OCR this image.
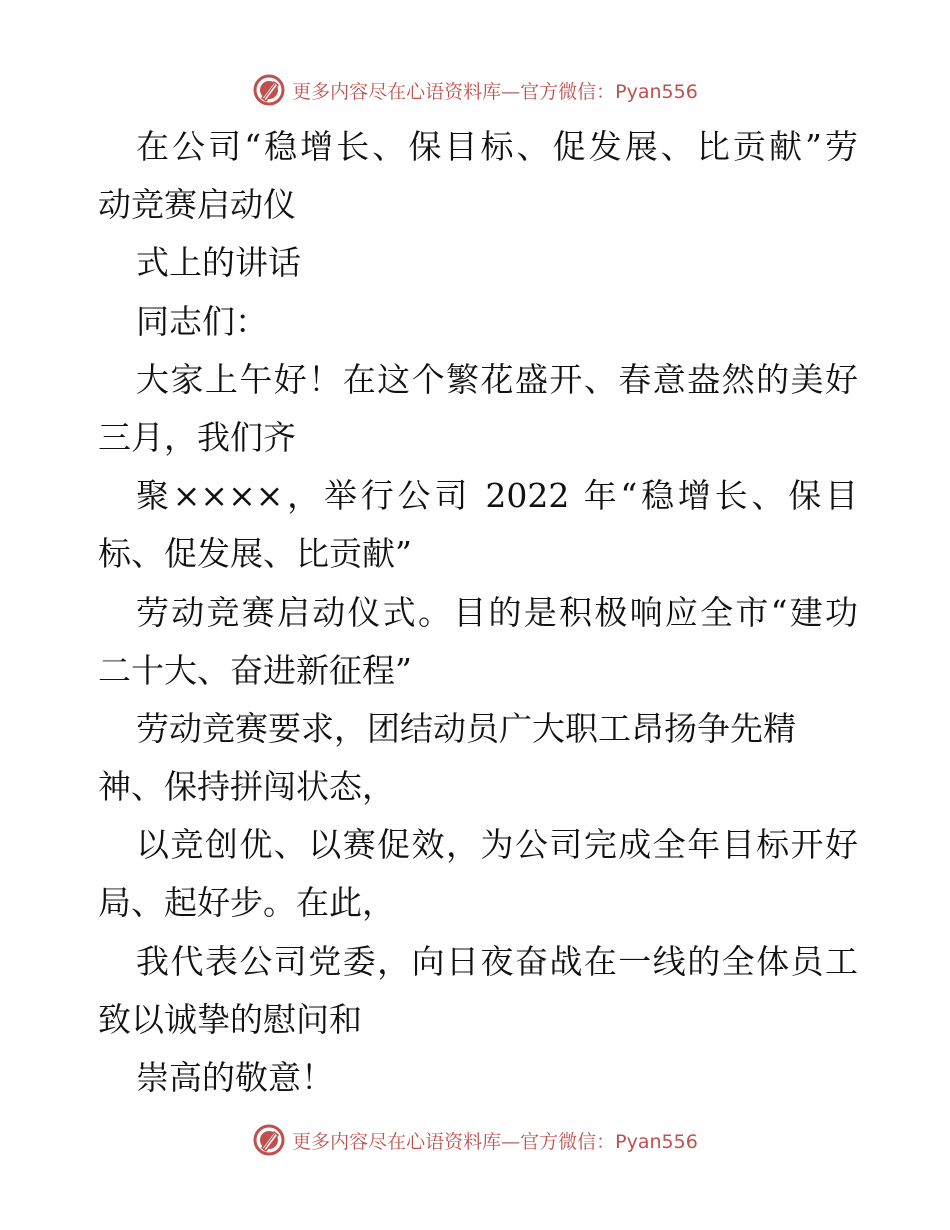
更多内容尽在心语资料库—官方微信：Pyan556
在公司“稳增长、保目标、促发展、比贡献”劳
动竞赛启动仪
式上的讲话
同志们：
大家上午好！在这个繁花盛开、春意盎然的美好
三月，我们齐
聚××××，举行公司 2022 年“稳增长、保目
标、促发展、比贡献”
劳动竞赛启动仪式。目的是积极响应全市“建功
二十大、奋进新征程”
劳动竞赛要求，团结动员广大职工昂扬争先精
神、保持拼闯状态，
以竞创优、以赛促效，为公司完成全年目标开好
局、起好步。在此，
我代表公司党委，向日夜奋战在一线的全体员工
致以诚挚的慰问和
崇高的敬意！
更多内容尽在心语资料库—官方微信：Pyan556
